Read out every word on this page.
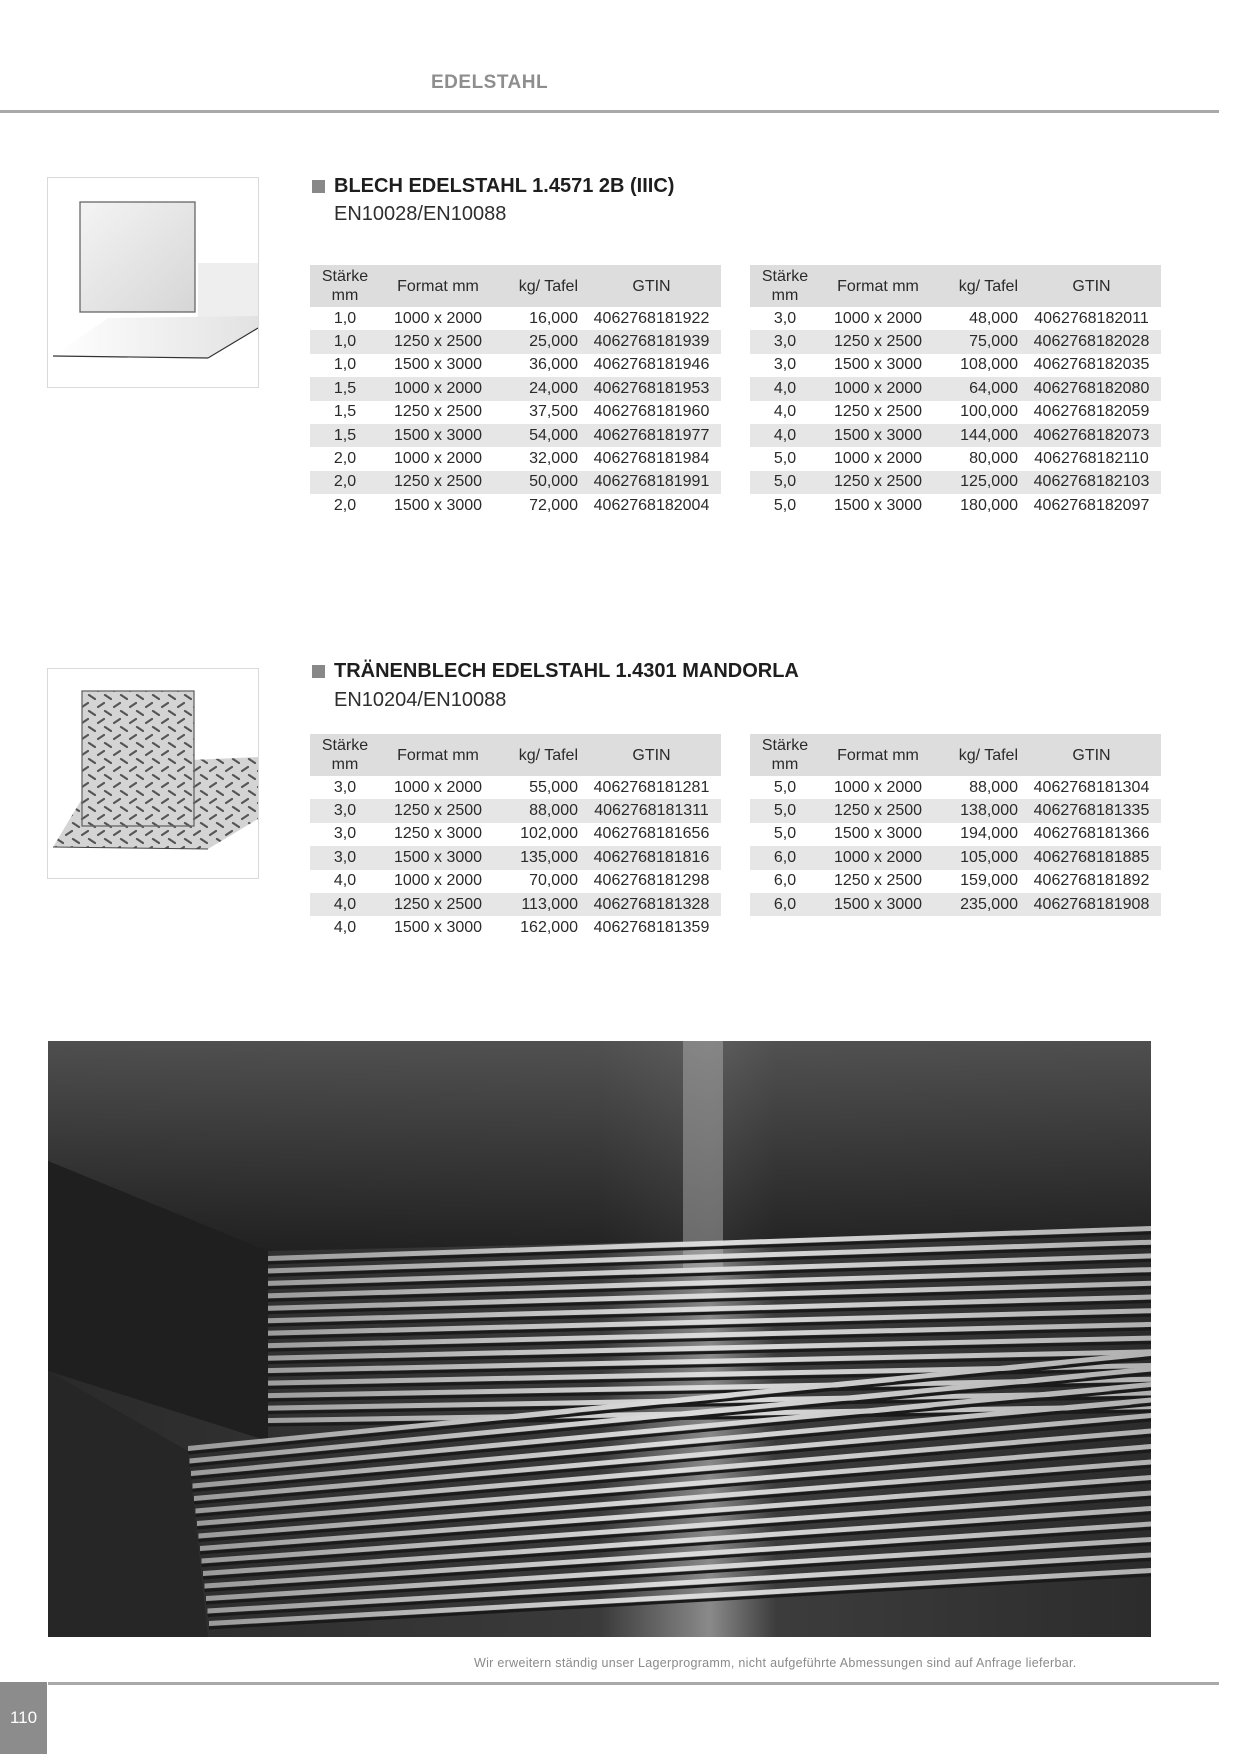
EDELSTAHL
BLECH EDELSTAHL 1.4571 2B (IIIC)
EN10028/EN10088
Stärke mm	Format mm	kg/ Tafel	GTIN
1,0	1000 x 2000	16,000	4062768181922
1,0	1250 x 2500	25,000	4062768181939
1,0	1500 x 3000	36,000	4062768181946
1,5	1000 x 2000	24,000	4062768181953
1,5	1250 x 2500	37,500	4062768181960
1,5	1500 x 3000	54,000	4062768181977
2,0	1000 x 2000	32,000	4062768181984
2,0	1250 x 2500	50,000	4062768181991
2,0	1500 x 3000	72,000	4062768182004
Stärke mm	Format mm	kg/ Tafel	GTIN
3,0	1000 x 2000	48,000	4062768182011
3,0	1250 x 2500	75,000	4062768182028
3,0	1500 x 3000	108,000	4062768182035
4,0	1000 x 2000	64,000	4062768182080
4,0	1250 x 2500	100,000	4062768182059
4,0	1500 x 3000	144,000	4062768182073
5,0	1000 x 2000	80,000	4062768182110
5,0	1250 x 2500	125,000	4062768182103
5,0	1500 x 3000	180,000	4062768182097
TRÄNENBLECH EDELSTAHL 1.4301 MANDORLA
EN10204/EN10088
Stärke mm	Format mm	kg/ Tafel	GTIN
3,0	1000 x 2000	55,000	4062768181281
3,0	1250 x 2500	88,000	4062768181311
3,0	1250 x 3000	102,000	4062768181656
3,0	1500 x 3000	135,000	4062768181816
4,0	1000 x 2000	70,000	4062768181298
4,0	1250 x 2500	113,000	4062768181328
4,0	1500 x 3000	162,000	4062768181359
Stärke mm	Format mm	kg/ Tafel	GTIN
5,0	1000 x 2000	88,000	4062768181304
5,0	1250 x 2500	138,000	4062768181335
5,0	1500 x 3000	194,000	4062768181366
6,0	1000 x 2000	105,000	4062768181885
6,0	1250 x 2500	159,000	4062768181892
6,0	1500 x 3000	235,000	4062768181908
Wir erweitern ständig unser Lagerprogramm, nicht aufgeführte Abmessungen sind auf Anfrage lieferbar.
110
